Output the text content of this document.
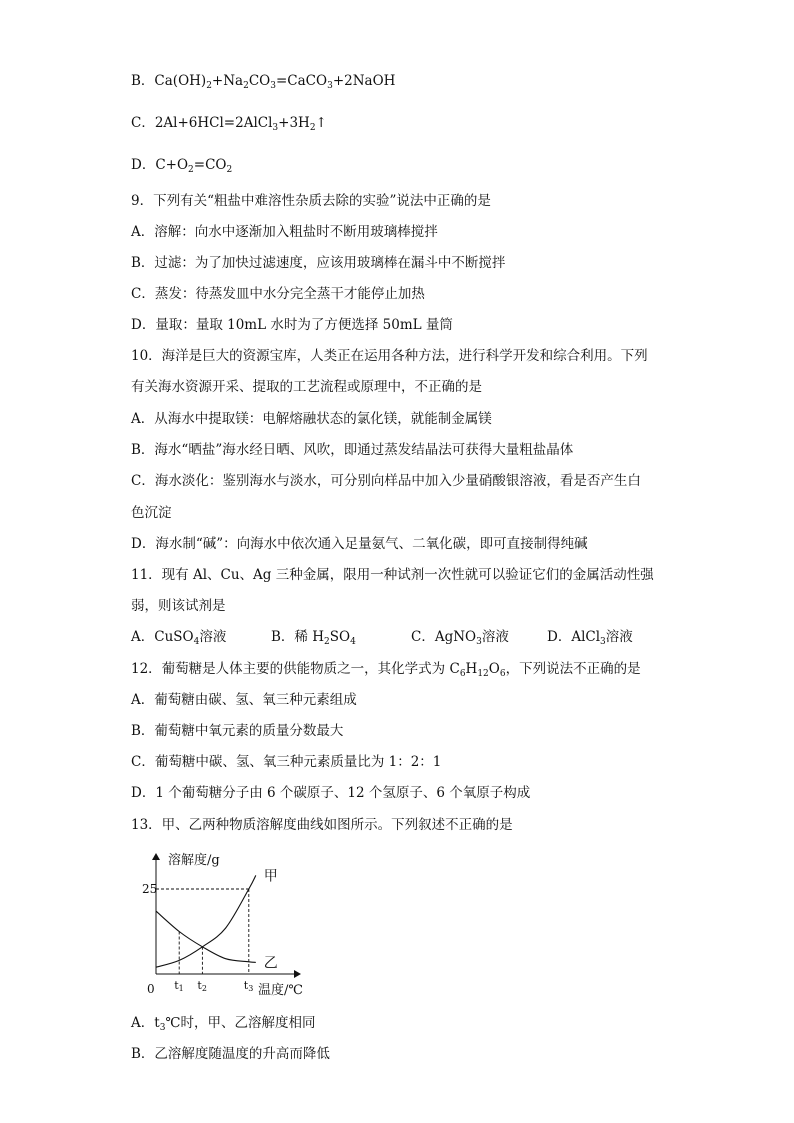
B．$Ca(OH)_2+Na_2CO_3=CaCO_3+2NaOH$
C．$2Al+6HCl=2AlCl_3+3H_2↑$
D．$C+O_2=CO_2$
9．下列有关“粗盐中难溶性杂质去除的实验”说法中正确的是
A．溶解：向水中逐渐加入粗盐时不断用玻璃棒搅拌
B．过滤：为了加快过滤速度，应该用玻璃棒在漏斗中不断搅拌
C．蒸发：待蒸发皿中水分完全蒸干才能停止加热
D．量取：量取 10mL 水时为了方便选择 50mL 量筒
10．海洋是巨大的资源宝库，人类正在运用各种方法，进行科学开发和综合利用。下列
有关海水资源开采、提取的工艺流程或原理中，不正确的是
A．从海水中提取镁：电解熔融状态的氯化镁，就能制金属镁
B．海水“晒盐”海水经日晒、风吹，即通过蒸发结晶法可获得大量粗盐晶体
C．海水淡化：鉴别海水与淡水，可分别向样品中加入少量硝酸银溶液，看是否产生白
色沉淀
D．海水制“碱”：向海水中依次通入足量氨气、二氧化碳，即可直接制得纯碱
11．现有 Al、Cu、Ag 三种金属，限用一种试剂一次性就可以验证它们的金属活动性强
弱，则该试剂是
A．CuSO$_4$溶液	B．稀 $H_2SO_4$	C．AgNO$_3$溶液	D．AlCl$_3$溶液
12．葡萄糖是人体主要的供能物质之一，其化学式为 $C_6H_{12}O_6$，下列说法不正确的是
A．葡萄糖由碳、氢、氧三种元素组成
B．葡萄糖中氧元素的质量分数最大
C．葡萄糖中碳、氢、氧三种元素质量比为 1：2：1
D．1 个葡萄糖分子由 6 个碳原子、12 个氢原子、6 个氧原子构成
13．甲、乙两种物质溶解度曲线如图所示。下列叙述不正确的是
溶解度/g
温度/℃
0
甲
乙
25
t1 t2	t3
A．$t_3℃$时，甲、乙溶解度相同
B．乙溶解度随温度的升高而降低
